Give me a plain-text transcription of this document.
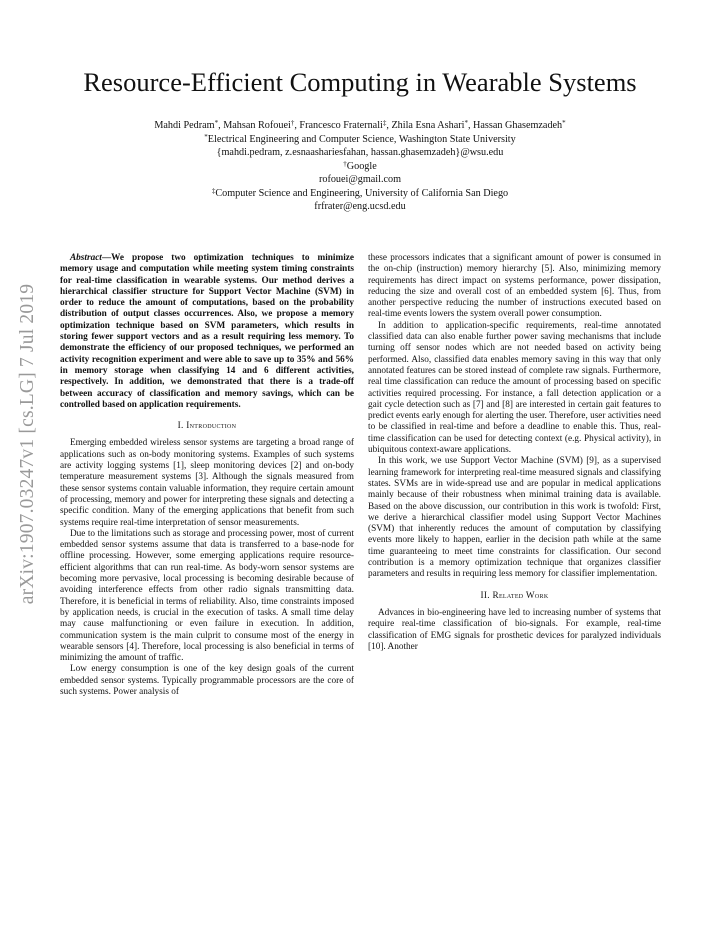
arXiv:1907.03247v1 [cs.LG] 7 Jul 2019
Resource-Efficient Computing in Wearable Systems
Mahdi Pedram*, Mahsan Rofouei†, Francesco Fraternali‡, Zhila Esna Ashari*, Hassan Ghasemzadeh*
*Electrical Engineering and Computer Science, Washington State University
{mahdi.pedram, z.esnaashariesfahan, hassan.ghasemzadeh}@wsu.edu
†Google
rofouei@gmail.com
‡Computer Science and Engineering, University of California San Diego
frfrater@eng.ucsd.edu

Abstract—We propose two optimization techniques to minimize memory usage and computation while meeting system timing constraints for real-time classification in wearable systems. Our method derives a hierarchical classifier structure for Support Vector Machine (SVM) in order to reduce the amount of computations, based on the probability distribution of output classes occurrences. Also, we propose a memory optimization technique based on SVM parameters, which results in storing fewer support vectors and as a result requiring less memory. To demonstrate the efficiency of our proposed techniques, we performed an activity recognition experiment and were able to save up to 35% and 56% in memory storage when classifying 14 and 6 different activities, respectively. In addition, we demonstrated that there is a trade-off between accuracy of classification and memory savings, which can be controlled based on application requirements.

I. Introduction

Emerging embedded wireless sensor systems are targeting a broad range of applications such as on-body monitoring systems. Examples of such systems are activity logging systems [1], sleep monitoring devices [2] and on-body temperature measurement systems [3]. Although the signals measured from these sensor systems contain valuable information, they require certain amount of processing, memory and power for interpreting these signals and detecting a specific condition. Many of the emerging applications that benefit from such systems require real-time interpretation of sensor measurements.

Due to the limitations such as storage and processing power, most of current embedded sensor systems assume that data is transferred to a base-node for offline processing. However, some emerging applications require resource-efficient algorithms that can run real-time. As body-worn sensor systems are becoming more pervasive, local processing is becoming desirable because of avoiding interference effects from other radio signals transmitting data. Therefore, it is beneficial in terms of reliability. Also, time constraints imposed by application needs, is crucial in the execution of tasks. A small time delay may cause malfunctioning or even failure in execution. In addition, communication system is the main culprit to consume most of the energy in wearable sensors [4]. Therefore, local processing is also beneficial in terms of minimizing the amount of traffic.

Low energy consumption is one of the key design goals of the current embedded sensor systems. Typically programmable processors are the core of such systems. Power analysis of

these processors indicates that a significant amount of power is consumed in the on-chip (instruction) memory hierarchy [5]. Also, minimizing memory requirements has direct impact on systems performance, power dissipation, reducing the size and overall cost of an embedded system [6]. Thus, from another perspective reducing the number of instructions executed based on real-time events lowers the system overall power consumption.

In addition to application-specific requirements, real-time annotated classified data can also enable further power saving mechanisms that include turning off sensor nodes which are not needed based on activity being performed. Also, classified data enables memory saving in this way that only annotated features can be stored instead of complete raw signals. Furthermore, real time classification can reduce the amount of processing based on specific activities required processing. For instance, a fall detection application or a gait cycle detection such as [7] and [8] are interested in certain gait features to predict events early enough for alerting the user. Therefore, user activities need to be classified in real-time and before a deadline to enable this. Thus, real-time classification can be used for detecting context (e.g. Physical activity), in ubiquitous context-aware applications.

In this work, we use Support Vector Machine (SVM) [9], as a supervised learning framework for interpreting real-time measured signals and classifying states. SVMs are in wide-spread use and are popular in medical applications mainly because of their robustness when minimal training data is available. Based on the above discussion, our contribution in this work is twofold: First, we derive a hierarchical classifier model using Support Vector Machines (SVM) that inherently reduces the amount of computation by classifying events more likely to happen, earlier in the decision path while at the same time guaranteeing to meet time constraints for classification. Our second contribution is a memory optimization technique that organizes classifier parameters and results in requiring less memory for classifier implementation.

II. Related Work

Advances in bio-engineering have led to increasing number of systems that require real-time classification of bio-signals. For example, real-time classification of EMG signals for prosthetic devices for paralyzed individuals [10]. Another
